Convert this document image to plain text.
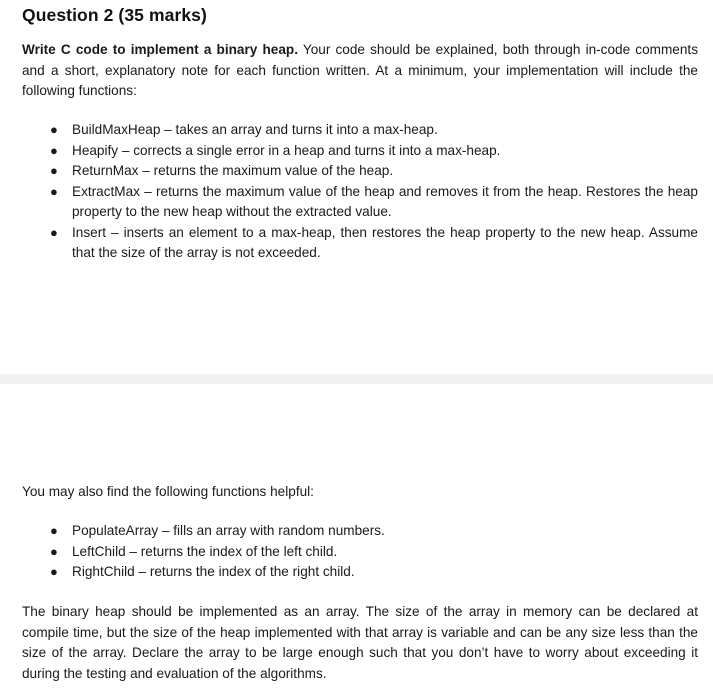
Question 2 (35 marks)

Write C code to implement a binary heap. Your code should be explained, both through in-code comments and a short, explanatory note for each function written. At a minimum, your implementation will include the following functions:

● BuildMaxHeap – takes an array and turns it into a max-heap.
● Heapify – corrects a single error in a heap and turns it into a max-heap.
● ReturnMax – returns the maximum value of the heap.
● ExtractMax – returns the maximum value of the heap and removes it from the heap. Restores the heap property to the new heap without the extracted value.
● Insert – inserts an element to a max-heap, then restores the heap property to the new heap. Assume that the size of the array is not exceeded.

You may also find the following functions helpful:

● PopulateArray – fills an array with random numbers.
● LeftChild – returns the index of the left child.
● RightChild – returns the index of the right child.

The binary heap should be implemented as an array. The size of the array in memory can be declared at compile time, but the size of the heap implemented with that array is variable and can be any size less than the size of the array. Declare the array to be large enough such that you don’t have to worry about exceeding it during the testing and evaluation of the algorithms.
